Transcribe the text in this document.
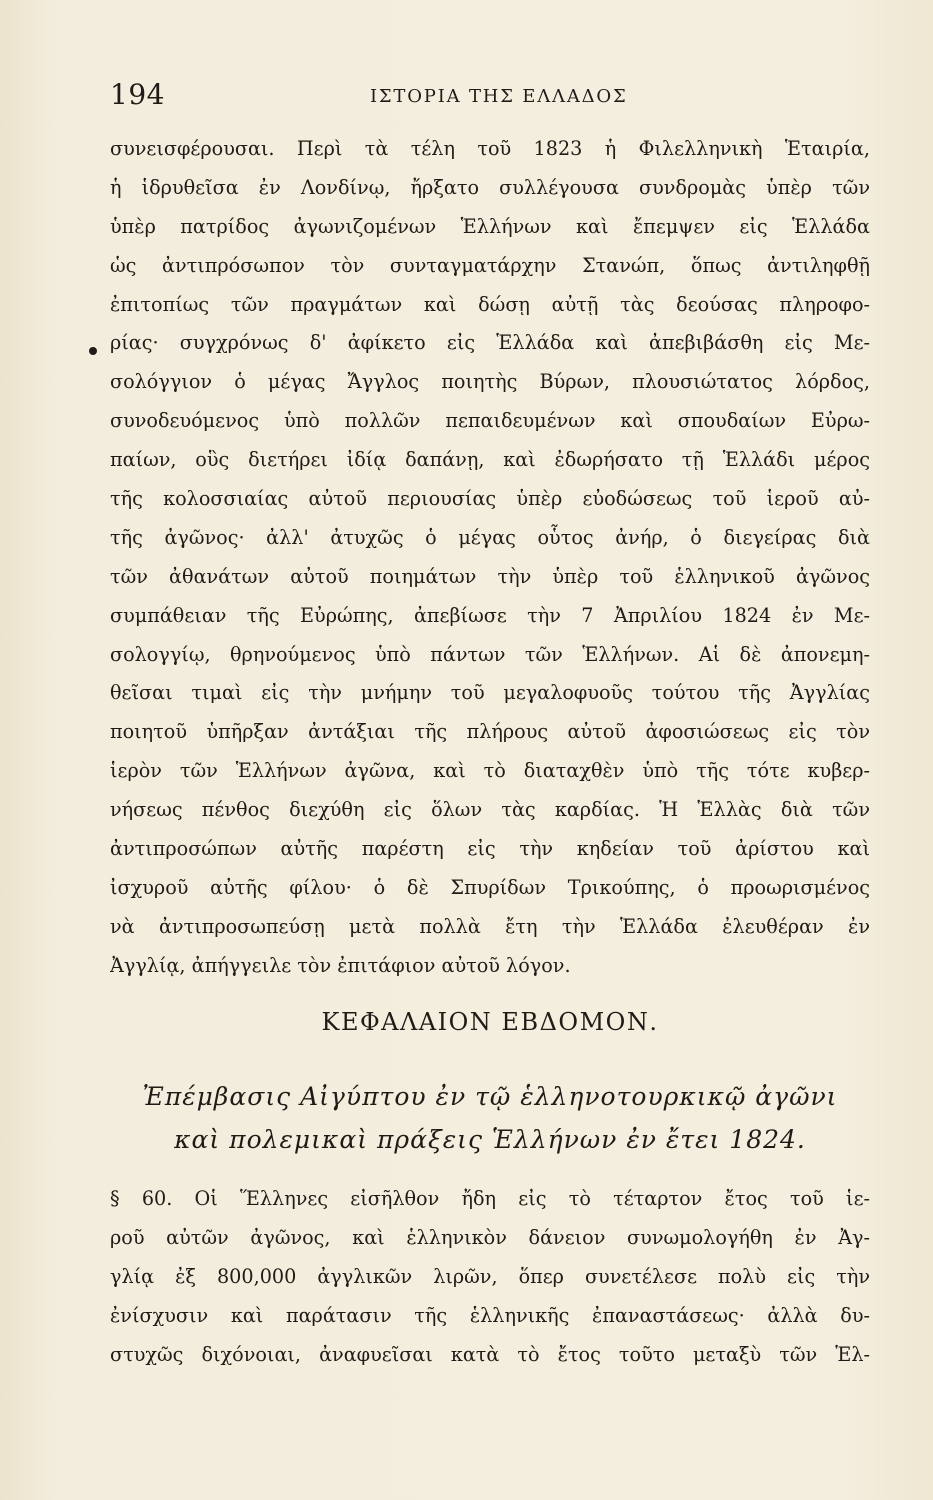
194	ΙΣΤΟΡΙΑ ΤΗΣ ΕΛΛΑΔΟΣ
συνεισφέρουσαι. Περὶ τὰ τέλη τοῦ 1823 ἡ Φιλελληνικὴ Ἑταιρία,
ἡ ἱδρυθεῖσα ἐν Λονδίνῳ, ἤρξατο συλλέγουσα συνδρομὰς ὑπὲρ τῶν
ὑπὲρ πατρίδος ἀγωνιζομένων Ἑλλήνων καὶ ἔπεμψεν εἰς Ἑλλάδα
ὡς ἀντιπρόσωπον τὸν συνταγματάρχην Στανώπ, ὅπως ἀντιληφθῇ
ἐπιτοπίως τῶν πραγμάτων καὶ δώσῃ αὐτῇ τὰς δεούσας πληροφο-
ρίας· συγχρόνως δ' ἀφίκετο εἰς Ἑλλάδα καὶ ἀπεβιβάσθη εἰς Με-
σολόγγιον ὁ μέγας Ἄγγλος ποιητὴς Βύρων, πλουσιώτατος λόρδος,
συνοδευόμενος ὑπὸ πολλῶν πεπαιδευμένων καὶ σπουδαίων Εὐρω-
παίων, οὓς διετήρει ἰδίᾳ δαπάνῃ, καὶ ἐδωρήσατο τῇ Ἑλλάδι μέρος
τῆς κολοσσιαίας αὐτοῦ περιουσίας ὑπὲρ εὐοδώσεως τοῦ ἱεροῦ αὐ-
τῆς ἀγῶνος· ἀλλ' ἀτυχῶς ὁ μέγας οὗτος ἀνήρ, ὁ διεγείρας διὰ
τῶν ἀθανάτων αὐτοῦ ποιημάτων τὴν ὑπὲρ τοῦ ἑλληνικοῦ ἀγῶνος
συμπάθειαν τῆς Εὐρώπης, ἀπεβίωσε τὴν 7 Ἀπριλίου 1824 ἐν Με-
σολογγίῳ, θρηνούμενος ὑπὸ πάντων τῶν Ἑλλήνων. Αἱ δὲ ἀπονεμη-
θεῖσαι τιμαὶ εἰς τὴν μνήμην τοῦ μεγαλοφυοῦς τούτου τῆς Ἀγγλίας
ποιητοῦ ὑπῆρξαν ἀντάξιαι τῆς πλήρους αὐτοῦ ἀφοσιώσεως εἰς τὸν
ἱερὸν τῶν Ἑλλήνων ἀγῶνα, καὶ τὸ διαταχθὲν ὑπὸ τῆς τότε κυβερ-
νήσεως πένθος διεχύθη εἰς ὅλων τὰς καρδίας. Ἡ Ἑλλὰς διὰ τῶν
ἀντιπροσώπων αὐτῆς παρέστη εἰς τὴν κηδείαν τοῦ ἀρίστου καὶ
ἰσχυροῦ αὐτῆς φίλου· ὁ δὲ Σπυρίδων Τρικούπης, ὁ προωρισμένος
νὰ ἀντιπροσωπεύσῃ μετὰ πολλὰ ἔτη τὴν Ἑλλάδα ἐλευθέραν ἐν
Ἀγγλίᾳ, ἀπήγγειλε τὸν ἐπιτάφιον αὐτοῦ λόγον.
ΚΕΦΑΛΑΙΟΝ ΕΒΔΟΜΟΝ.
Ἐπέμβασις Αἰγύπτου ἐν τῷ ἑλληνοτουρκικῷ ἀγῶνι
καὶ πολεμικαὶ πράξεις Ἑλλήνων ἐν ἔτει 1824.
§ 60. Οἱ Ἕλληνες εἰσῆλθον ἤδη εἰς τὸ τέταρτον ἔτος τοῦ ἱε-
ροῦ αὐτῶν ἀγῶνος, καὶ ἑλληνικὸν δάνειον συνωμολογήθη ἐν Ἀγ-
γλίᾳ ἐξ 800,000 ἀγγλικῶν λιρῶν, ὅπερ συνετέλεσε πολὺ εἰς τὴν
ἐνίσχυσιν καὶ παράτασιν τῆς ἑλληνικῆς ἐπαναστάσεως· ἀλλὰ δυ-
στυχῶς διχόνοιαι, ἀναφυεῖσαι κατὰ τὸ ἔτος τοῦτο μεταξὺ τῶν Ἑλ-
